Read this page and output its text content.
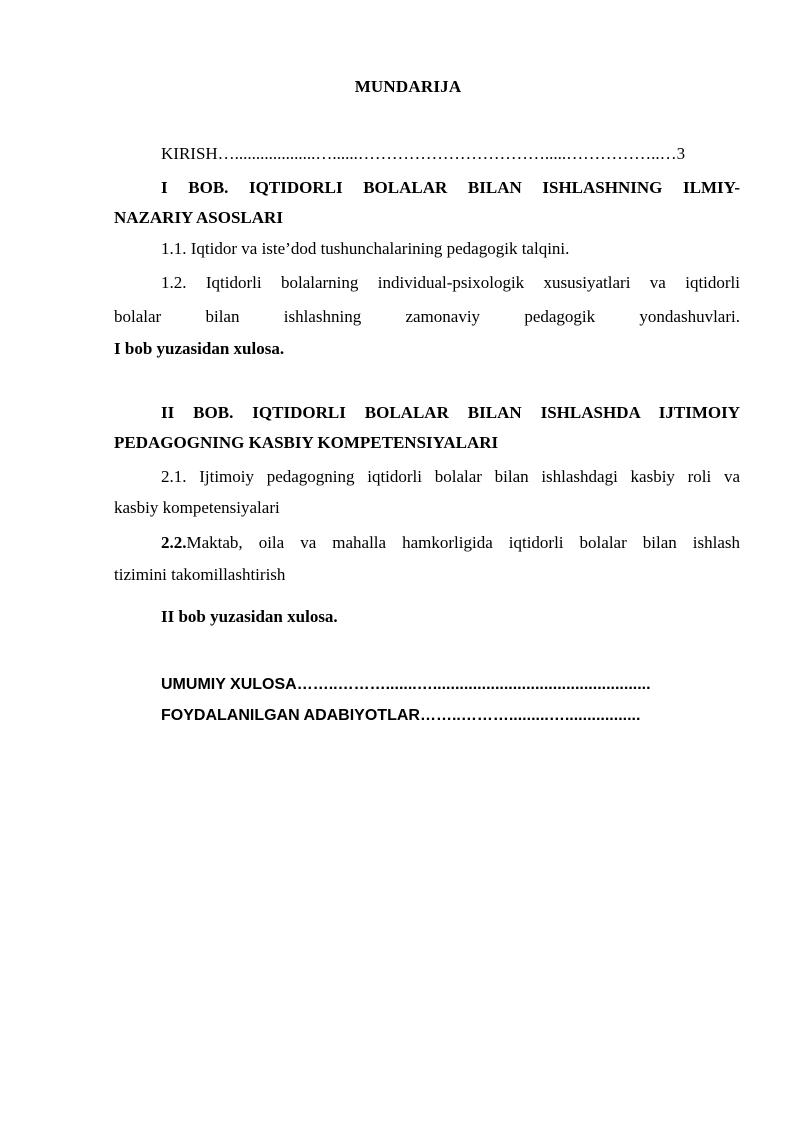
MUNDARIJA
KIRISH…...................…......…………………………….....……………..…3
I BOB. IQTIDORLI BOLALAR BILAN ISHLASHNING ILMIY-
NAZARIY ASOSLARI
1.1. Iqtidor va iste’dod tushunchalarining pedagogik talqini.
1.2. Iqtidorli bolalarning individual-psixologik xususiyatlari va iqtidorli
bolalar bilan ishlashning zamonaviy pedagogik yondashuvlari.
I bob yuzasidan xulosa.
II BOB. IQTIDORLI BOLALAR BILAN ISHLASHDA IJTIMOIY
PEDAGOGNING KASBIY KOMPETENSIYALARI
2.1. Ijtimoiy pedagogning iqtidorli bolalar bilan ishlashdagi kasbiy roli va
kasbiy kompetensiyalari
2.2. Maktab, oila va mahalla hamkorligida iqtidorli bolalar bilan ishlash
tizimini takomillashtirish
II bob yuzasidan xulosa.
UMUMIY XULOSA……..……….......….................................................
FOYDALANILGAN ADABIYOTLAR……..……….........….................
